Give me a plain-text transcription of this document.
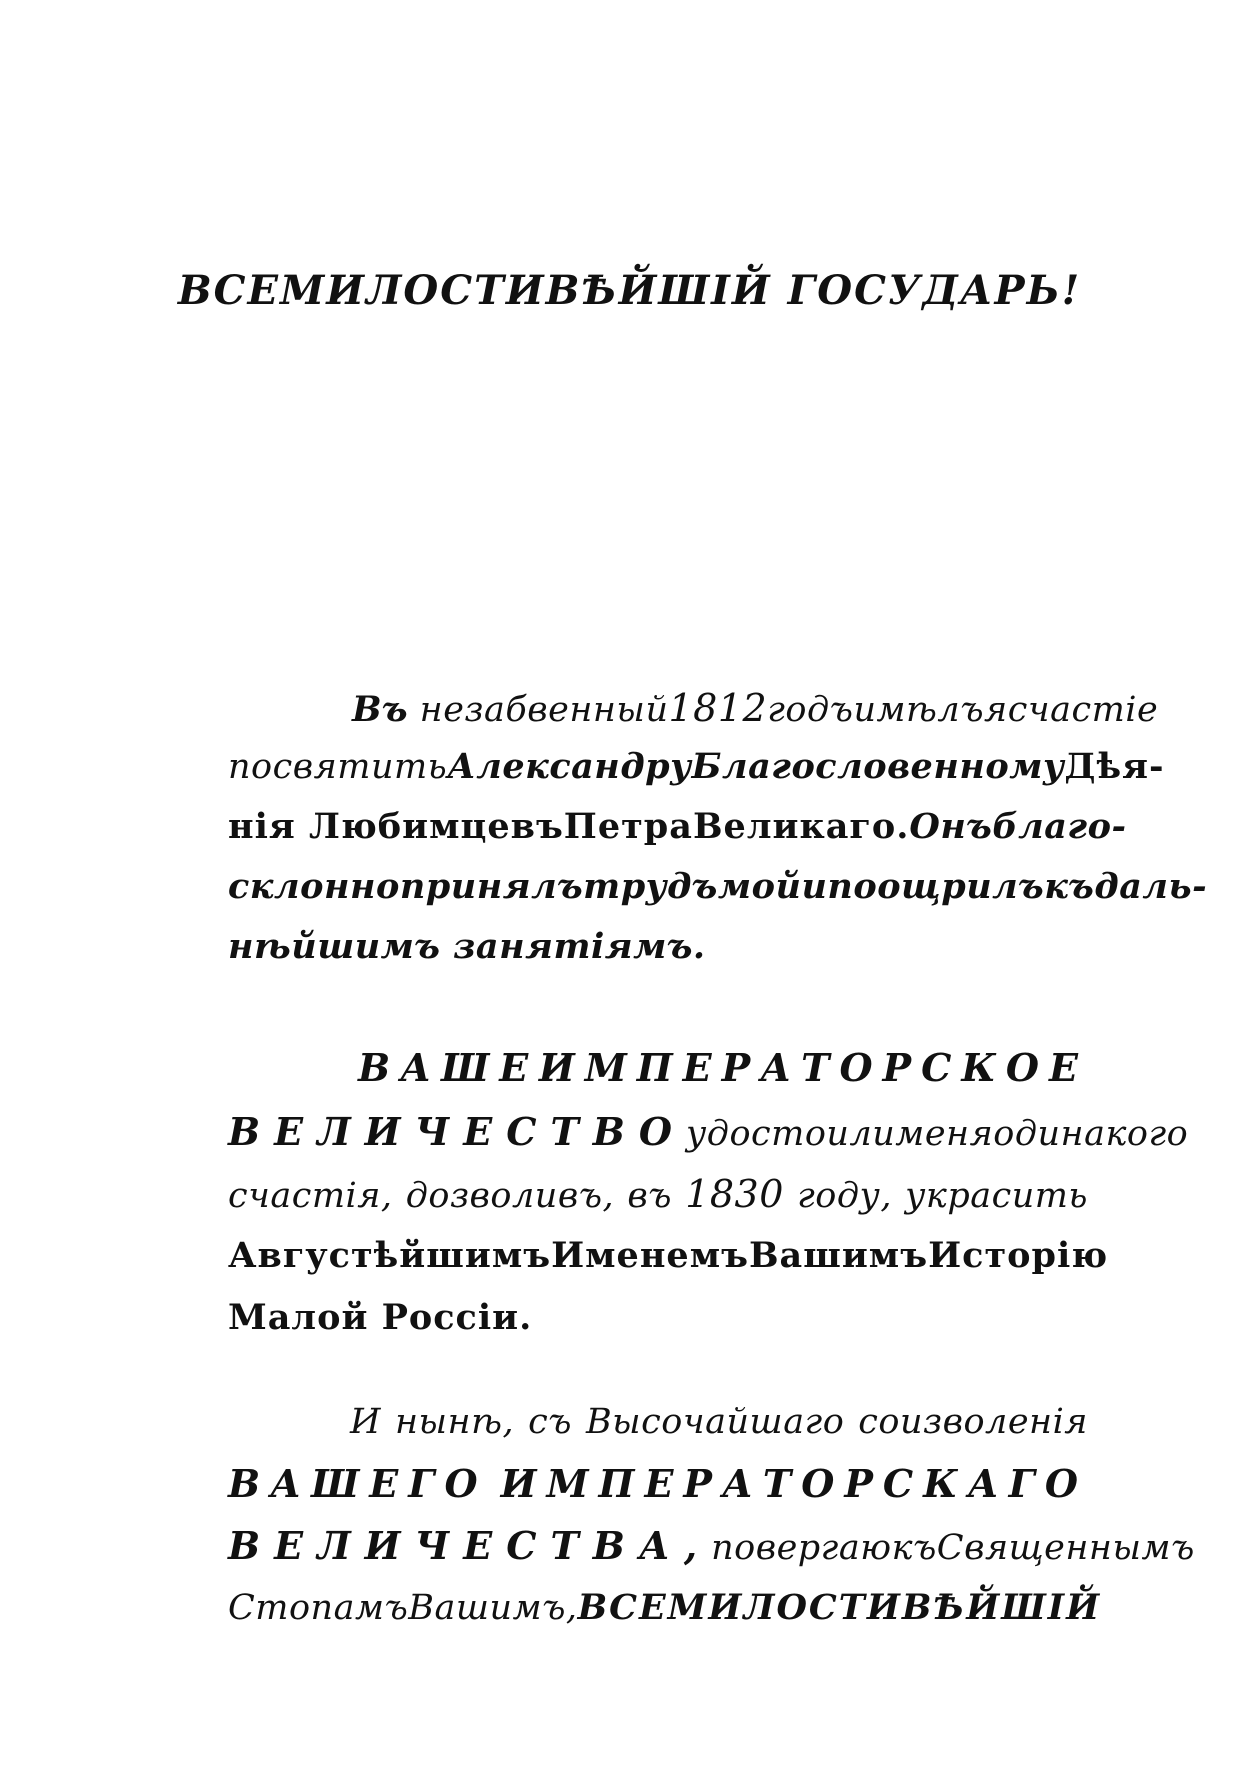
ВСЕМИЛОСТИВѢЙШІЙ ГОСУДАРЬ!
Въ незабвенный 1812 годъ имѣлъ я счастіе
посвятить Александру Благословенному Дѣя-
нія Любимцевъ Петра Великаго. Онъ благо-
склонно принялъ трудъ мой и поощрилъ къ даль-
нѣйшимъ занятіямъ.
ВАШЕ ИМПЕРАТОРСКОЕ
ВЕЛИЧЕСТВО удостоили меня одинакого
счастія, дозволивъ, въ 1830 году, украсить
Августѣйшимъ Именемъ Вашимъ Исторію
Малой Россіи.
И нынѣ, съ Высочайшаго соизволенія
ВАШЕГО ИМПЕРАТОРСКАГО
ВЕЛИЧЕСТВА, повергаю къ Священнымъ
Стопамъ Вашимъ, ВСЕМИЛОСТИВѢЙШІЙ
